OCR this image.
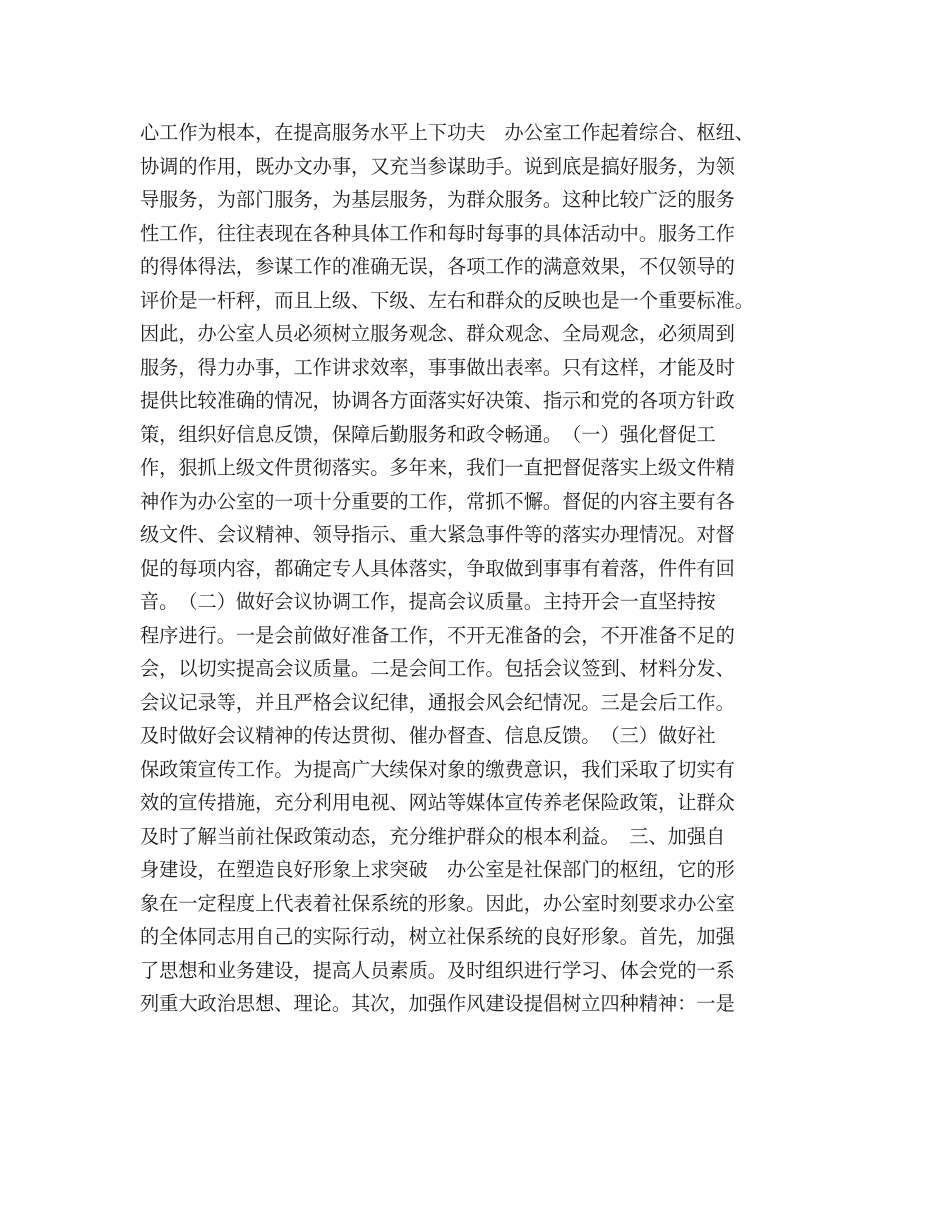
心工作为根本，在提高服务水平上下功夫　办公室工作起着综合、枢纽、
协调的作用，既办文办事，又充当参谋助手。说到底是搞好服务，为领
导服务，为部门服务，为基层服务，为群众服务。这种比较广泛的服务
性工作，往往表现在各种具体工作和每时每事的具体活动中。服务工作
的得体得法，参谋工作的准确无误，各项工作的满意效果，不仅领导的
评价是一杆秤，而且上级、下级、左右和群众的反映也是一个重要标准。
因此，办公室人员必须树立服务观念、群众观念、全局观念，必须周到
服务，得力办事，工作讲求效率，事事做出表率。只有这样，才能及时
提供比较准确的情况，协调各方面落实好决策、指示和党的各项方针政
策，组织好信息反馈，保障后勤服务和政令畅通。　（一）强化督促工
作，狠抓上级文件贯彻落实。多年来，我们一直把督促落实上级文件精
神作为办公室的一项十分重要的工作，常抓不懈。督促的内容主要有各
级文件、会议精神、领导指示、重大紧急事件等的落实办理情况。对督
促的每项内容，都确定专人具体落实，争取做到事事有着落，件件有回
音。　（二）做好会议协调工作，提高会议质量。主持开会一直坚持按
程序进行。一是会前做好准备工作，不开无准备的会，不开准备不足的
会，以切实提高会议质量。二是会间工作。包括会议签到、材料分发、
会议记录等，并且严格会议纪律，通报会风会纪情况。三是会后工作。
及时做好会议精神的传达贯彻、催办督查、信息反馈。　（三）做好社
保政策宣传工作。为提高广大续保对象的缴费意识，我们采取了切实有
效的宣传措施，充分利用电视、网站等媒体宣传养老保险政策，让群众
及时了解当前社保政策动态，充分维护群众的根本利益。　三、加强自
身建设，在塑造良好形象上求突破　办公室是社保部门的枢纽，它的形
象在一定程度上代表着社保系统的形象。因此，办公室时刻要求办公室
的全体同志用自己的实际行动，树立社保系统的良好形象。首先，加强
了思想和业务建设，提高人员素质。及时组织进行学习、体会党的一系
列重大政治思想、理论。其次，加强作风建设提倡树立四种精神：一是
